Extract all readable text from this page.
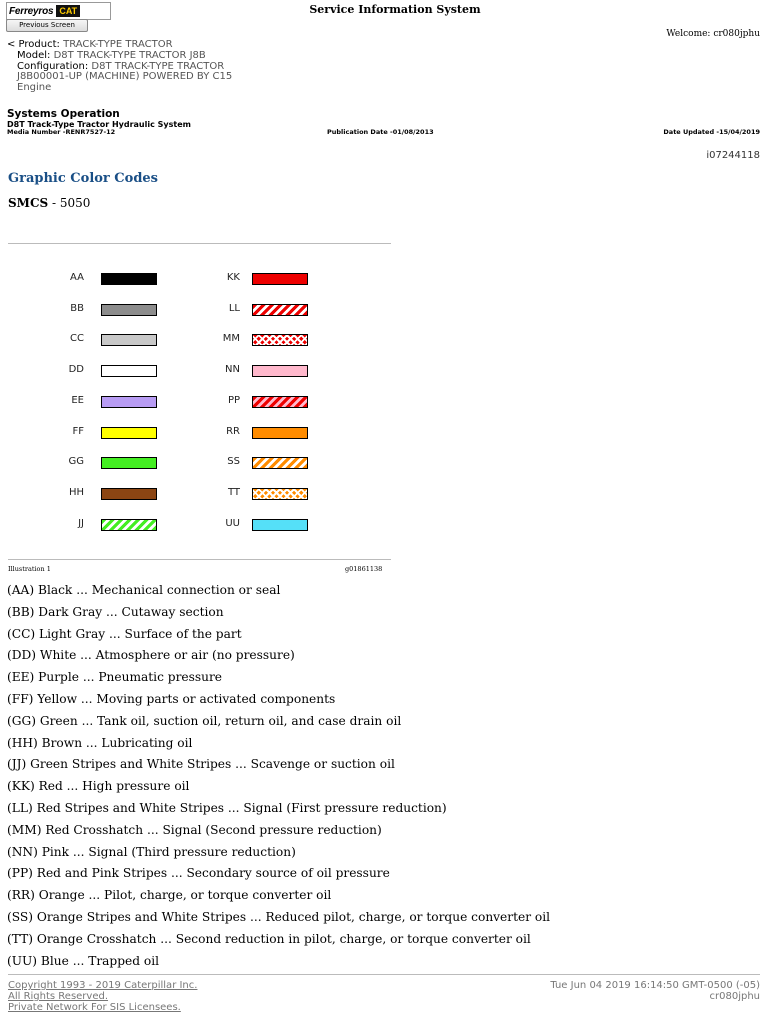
Ferreyros CAT
Previous Screen
Service Information System
Welcome: cr080jphu
< Product: TRACK-TYPE TRACTOR
Model: D8T TRACK-TYPE TRACTOR J8B
Configuration: D8T TRACK-TYPE TRACTOR
J8B00001-UP (MACHINE) POWERED BY C15
Engine
Systems Operation
D8T Track-Type Tractor Hydraulic System
Media Number -RENR7527-12	Publication Date -01/08/2013	Date Updated -15/04/2019
i07244118
Graphic Color Codes
SMCS - 5050
AA
BB
CC
DD
EE
FF
GG
HH
JJ
KK
LL
MM
NN
PP
RR
SS
TT
UU
Illustration 1	g01861138
(AA) Black ... Mechanical connection or seal
(BB) Dark Gray ... Cutaway section
(CC) Light Gray ... Surface of the part
(DD) White ... Atmosphere or air (no pressure)
(EE) Purple ... Pneumatic pressure
(FF) Yellow ... Moving parts or activated components
(GG) Green ... Tank oil, suction oil, return oil, and case drain oil
(HH) Brown ... Lubricating oil
(JJ) Green Stripes and White Stripes ... Scavenge or suction oil
(KK) Red ... High pressure oil
(LL) Red Stripes and White Stripes ... Signal (First pressure reduction)
(MM) Red Crosshatch ... Signal (Second pressure reduction)
(NN) Pink ... Signal (Third pressure reduction)
(PP) Red and Pink Stripes ... Secondary source of oil pressure
(RR) Orange ... Pilot, charge, or torque converter oil
(SS) Orange Stripes and White Stripes ... Reduced pilot, charge, or torque converter oil
(TT) Orange Crosshatch ... Second reduction in pilot, charge, or torque converter oil
(UU) Blue ... Trapped oil
Copyright 1993 - 2019 Caterpillar Inc.
All Rights Reserved.
Private Network For SIS Licensees.
Tue Jun 04 2019 16:14:50 GMT-0500 (-05)
cr080jphu
